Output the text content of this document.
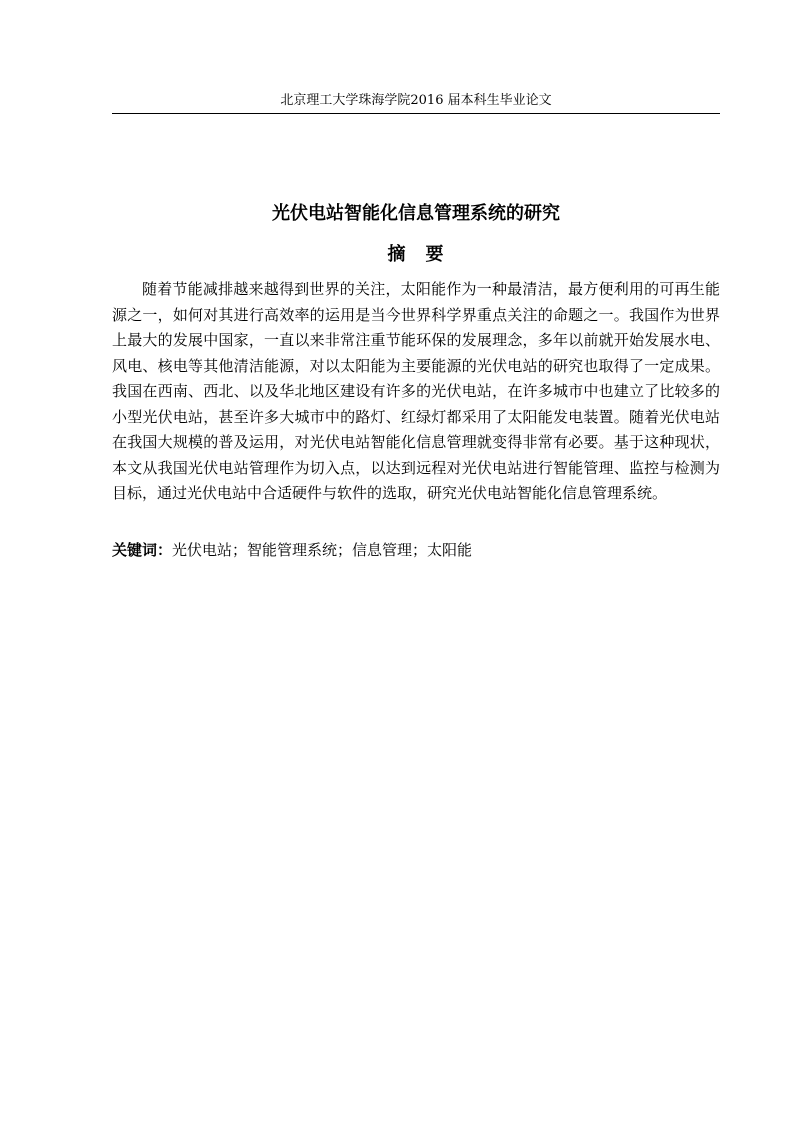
北京理工大学珠海学院2016 届本科生毕业论文
光伏电站智能化信息管理系统的研究
摘　要

随着节能减排越来越得到世界的关注，太阳能作为一种最清洁，最方便利用的可再生能源之一，如何对其进行高效率的运用是当今世界科学界重点关注的命题之一。我国作为世界上最大的发展中国家，一直以来非常注重节能环保的发展理念，多年以前就开始发展水电、风电、核电等其他清洁能源，对以太阳能为主要能源的光伏电站的研究也取得了一定成果。我国在西南、西北、以及华北地区建设有许多的光伏电站，在许多城市中也建立了比较多的小型光伏电站，甚至许多大城市中的路灯、红绿灯都采用了太阳能发电装置。随着光伏电站在我国大规模的普及运用，对光伏电站智能化信息管理就变得非常有必要。基于这种现状，本文从我国光伏电站管理作为切入点，以达到远程对光伏电站进行智能管理、监控与检测为目标，通过光伏电站中合适硬件与软件的选取，研究光伏电站智能化信息管理系统。

关键词：光伏电站；智能管理系统；信息管理；太阳能
